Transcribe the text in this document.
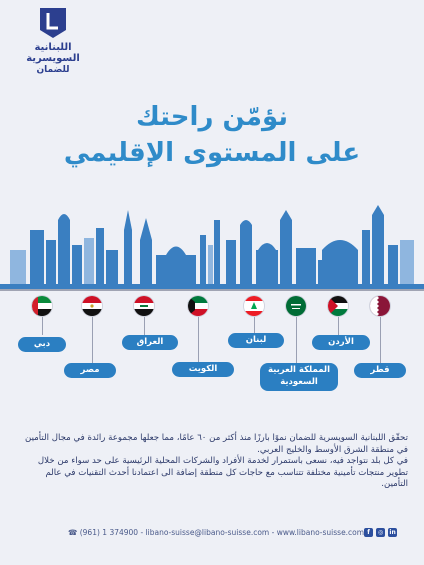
اللبنانية السويسرية
للضمان
نؤمّن راحتك
على المستوى الإقليمي
دبي
مصر
العراق
الكويت
لبنان
المملكة العربية
السعودية
الأردن
قطر

تحقّق اللبنانية السويسرية للضمان نموًا بارزًا منذ أكثر من ٦٠ عامًا، مما جعلها مجموعة رائدة في مجال التأمين في منطقة الشرق الأوسط والخليج العربي.

في كل بلد نتواجد فيه، نسعى باستمرار لخدمة الأفراد والشركات المحلية الرئيسية على حد سواء من خلال تطوير منتجات تأمينية مختلفة تتناسب مع حاجات كل منطقة إضافة الى اعتمادنا أحدث التقنيات في عالم التأمين.

☎ (961) 1 374900 - libano-suisse@libano-suisse.com - www.libano-suisse.com f	◎	in
